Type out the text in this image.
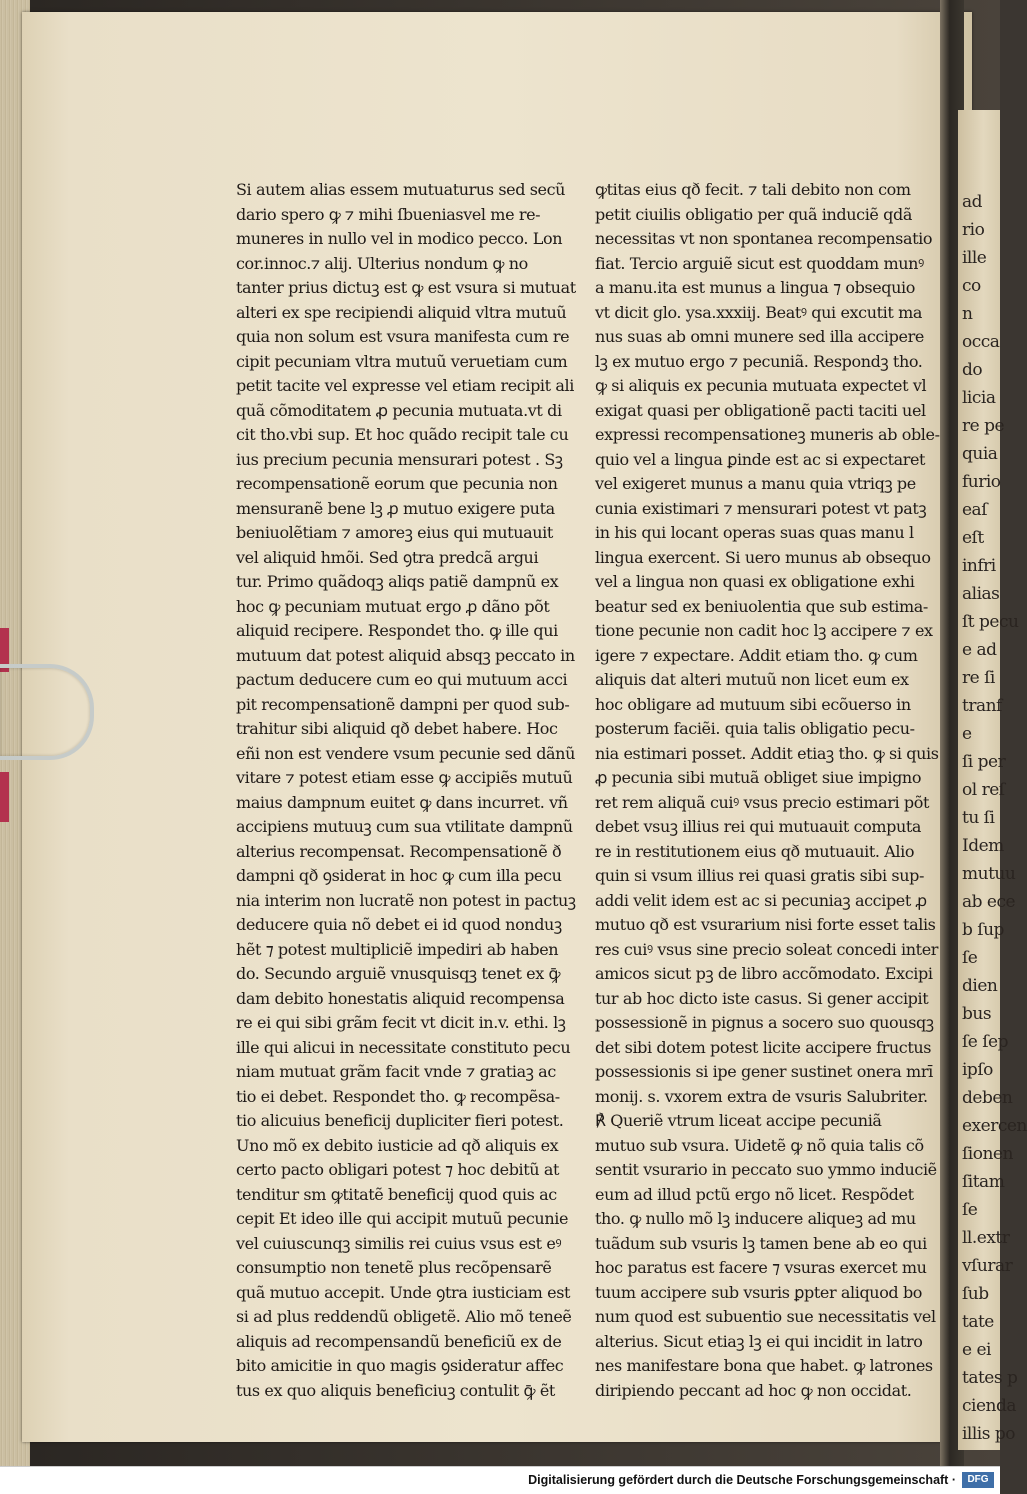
ad
rio
ille
co
n
occa
do
licia
re pe
quia
furio
eaſ
eſt
infri
alias
ſt pecu
e ad
re ſi
tranf
e
ſi per
ol reſ
tu ſi
Idem
mutuu
ab ece
b ſup
ſe
dien
bus
ſe ſep
ipſo
deben
exercen
ſionen
ſitam
ſe
ll.extr
vſurar
ſub
tate
e ei
tates p
cienda
illis po
Si autem alias essem mutuaturus sed secũ
dario spero ꝙ ⁊ mihi ſbueniasvel me re‑
muneres in nullo vel in modico pecco. Lon
cor.innoc.⁊ alij. Ulterius nondum ꝙ no
tanter prius dictuꝫ est ꝙ est vsura si mutuat
alteri ex spe recipiendi aliquid vltra mutuũ
quia non solum est vsura manifesta cum re
cipit pecuniam vltra mutuũ veruetiam cum
petit tacite vel expresse vel etiam recipit ali
quã cõmoditatem ꝓ pecunia mutuata.vt di
cit tho.vbi sup. Et hoc quãdo recipit tale cu
ius precium pecunia mensurari potest . Sꝫ
recompensationẽ eorum que pecunia non
mensuranẽ bene lꝫ ꝓ mutuo exigere puta
beniuolẽtiam ⁊ amoreꝫ eius qui mutuauit
vel aliquid hmõi. Sed ꝯtra predcã argui
tur. Primo quãdoqꝫ aliqs patiẽ dampnũ ex
hoc ꝙ pecuniam mutuat ergo ꝓ dãno põt
aliquid recipere. Respondet tho. ꝙ ille qui
mutuum dat potest aliquid absqꝫ peccato in
pactum deducere cum eo qui mutuum acci
pit recompensationẽ dampni per quod sub‑
trahitur sibi aliquid qð debet habere. Hoc
eñi non est vendere vsum pecunie sed dãnũ
vitare ⁊ potest etiam esse ꝙ accipiẽs mutuũ
maius dampnum euitet ꝙ dans incurret. vñ
accipiens mutuuꝫ cum sua vtilitate dampnũ
alterius recompensat. Recompensationẽ ð
dampni qð ꝯsiderat in hoc ꝙ cum illa pecu
nia interim non lucratẽ non potest in pactuꝫ
deducere quia nõ debet ei id quod nonduꝫ
hẽt ⁊ potest multipliciẽ impediri ab haben
do. Secundo arguiẽ vnusquisqꝫ tenet ex ꝙ̄
dam debito honestatis aliquid recompensa
re ei qui sibi grãm fecit vt dicit in.v. ethi. lꝫ
ille qui alicui in necessitate constituto pecu
niam mutuat grãm facit vnde ⁊ gratiaꝫ ac
tio ei debet. Respondet tho. ꝙ recompẽsa‑
tio alicuius beneficij dupliciter fieri potest.
Uno mõ ex debito iusticie ad qð aliquis ex
certo pacto obligari potest ⁊ hoc debitũ at
tenditur sm ꝙtitatẽ beneficij quod quis ac
cepit Et ideo ille qui accipit mutuũ pecunie
vel cuiuscunqꝫ similis rei cuius vsus est eꝰ
consumptio non tenetẽ plus recõpensarẽ
quã mutuo accepit. Unde ꝯtra iusticiam est
si ad plus reddendũ obligetẽ. Alio mõ teneẽ
aliquis ad recompensandũ beneficiũ ex de
bito amicitie in quo magis ꝯsideratur affec
tus ex quo aliquis beneficiuꝫ contulit ꝙ̄ ẽt
ꝙtitas eius qð fecit. ⁊ tali debito non com
petit ciuilis obligatio per quã induciẽ qdã
necessitas vt non spontanea recompensatio
fiat. Tercio arguiẽ sicut est quoddam munꝰ
a manu.ita est munus a lingua ⁊ obsequio
vt dicit glo. ysa.xxxiij. Beatꝰ qui excutit ma
nus suas ab omni munere sed illa accipere
lꝫ ex mutuo ergo ⁊ pecuniã. Respondꝫ tho.
ꝙ si aliquis ex pecunia mutuata expectet vl
exigat quasi per obligationẽ pacti taciti uel
expressi recompensationeꝫ muneris ab oble‑
quio vel a lingua ꝑinde est ac si expectaret
vel exigeret munus a manu quia vtriqꝫ pe
cunia existimari ⁊ mensurari potest vt patꝫ
in his qui locant operas suas quas manu l
lingua exercent. Si uero munus ab obsequo
vel a lingua non quasi ex obligatione exhi
beatur sed ex beniuolentia que sub estima‑
tione pecunie non cadit hoc lꝫ accipere ⁊ ex
igere ⁊ expectare. Addit etiam tho. ꝙ cum
aliquis dat alteri mutuũ non licet eum ex
hoc obligare ad mutuum sibi ecõuerso in
posterum faciẽi. quia talis obligatio pecu‑
nia estimari posset. Addit etiaꝫ tho. ꝙ si quis
ꝓ pecunia sibi mutuã obliget siue impigno
ret rem aliquã cuiꝰ vsus precio estimari põt
debet vsuꝫ illius rei qui mutuauit computa
re in restitutionem eius qð mutuauit. Alio
quin si vsum illius rei quasi gratis sibi sup‑
addi velit idem est ac si pecuniaꝫ accipet ꝓ
mutuo qð est vsurarium nisi forte esset talis
res cuiꝰ vsus sine precio soleat concedi inter
amicos sicut pꝫ de libro accõmodato. Excipi
tur ab hoc dicto iste casus. Si gener accipit
possessionẽ in pignus a socero suo quousqꝫ
det sibi dotem potest licite accipere fructus
possessionis si ipe gener sustinet onera mrī
monij. s. vxorem extra de vsuris Salubriter.
℟ Queriẽ vtrum liceat accipe pecuniã
mutuo sub vsura. Uidetẽ ꝙ nõ quia talis cõ
sentit vsurario in peccato suo ymmo induciẽ
eum ad illud pctũ ergo nõ licet. Respõdet
tho. ꝙ nullo mõ lꝫ inducere aliqueꝫ ad mu
tuãdum sub vsuris lꝫ tamen bene ab eo qui
hoc paratus est facere ⁊ vsuras exercet mu
tuum accipere sub vsuris ꝑpter aliquod bo
num quod est subuentio sue necessitatis vel
alterius. Sicut etiaꝫ lꝫ ei qui incidit in latro
nes manifestare bona que habet. ꝙ latrones
diripiendo peccant ad hoc ꝙ non occidat.
Digitalisierung gefördert durch die Deutsche Forschungsgemeinschaft ·	DFG
